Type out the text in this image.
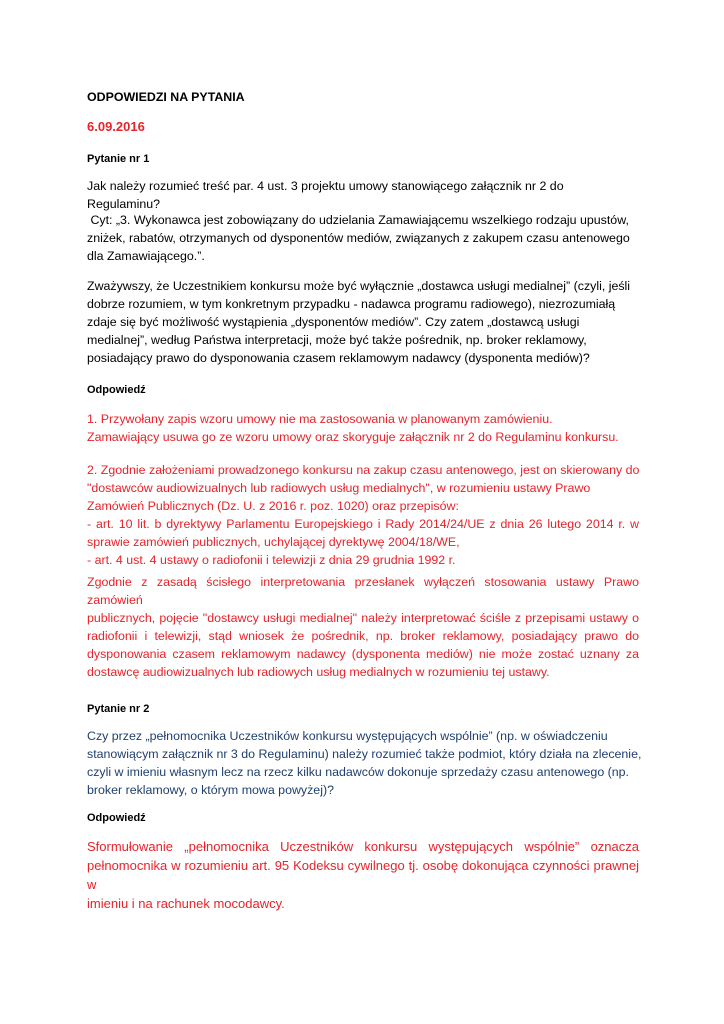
ODPOWIEDZI NA PYTANIA
6.09.2016
Pytanie nr 1
Jak należy rozumieć treść par. 4 ust. 3 projektu umowy stanowiącego załącznik nr 2 do Regulaminu?
Cyt: „3. Wykonawca jest zobowiązany do udzielania Zamawiającemu wszelkiego rodzaju upustów,
zniżek, rabatów, otrzymanych od dysponentów mediów, związanych z zakupem czasu antenowego
dla Zamawiającego.”.
Zważywszy, że Uczestnikiem konkursu może być wyłącznie „dostawca usługi medialnej” (czyli, jeśli
dobrze rozumiem, w tym konkretnym przypadku - nadawca programu radiowego), niezrozumiałą
zdaje się być możliwość wystąpienia „dysponentów mediów”. Czy zatem „dostawcą usługi
medialnej”, według Państwa interpretacji, może być także pośrednik, np. broker reklamowy,
posiadający prawo do dysponowania czasem reklamowym nadawcy (dysponenta mediów)?
Odpowiedź
1. Przywołany zapis wzoru umowy nie ma zastosowania w planowanym zamówieniu.
Zamawiający usuwa go ze wzoru umowy oraz skoryguje załącznik nr 2 do Regulaminu konkursu.
2. Zgodnie założeniami prowadzonego konkursu na zakup czasu antenowego, jest on skierowany do
"dostawców audiowizualnych lub radiowych usług medialnych", w rozumieniu ustawy Prawo
Zamówień Publicznych (Dz. U. z 2016 r. poz. 1020) oraz przepisów:
- art. 10 lit. b dyrektywy Parlamentu Europejskiego i Rady 2014/24/UE z dnia 26 lutego 2014 r. w
sprawie zamówień publicznych, uchylającej dyrektywę 2004/18/WE,
- art. 4 ust. 4 ustawy o radiofonii i telewizji z dnia 29 grudnia 1992 r.
Zgodnie z zasadą ścisłego interpretowania przesłanek wyłączeń stosowania ustawy Prawo zamówień
publicznych, pojęcie "dostawcy usługi medialnej" należy interpretować ściśle z przepisami ustawy o
radiofonii i telewizji, stąd wniosek że pośrednik, np. broker reklamowy, posiadający prawo do
dysponowania czasem reklamowym nadawcy (dysponenta mediów) nie może zostać uznany za
dostawcę audiowizualnych lub radiowych usług medialnych w rozumieniu tej ustawy.
Pytanie nr 2
Czy przez „pełnomocnika Uczestników konkursu występujących wspólnie” (np. w oświadczeniu
stanowiącym załącznik nr 3 do Regulaminu) należy rozumieć także podmiot, który działa na zlecenie,
czyli w imieniu własnym lecz na rzecz kilku nadawców dokonuje sprzedaży czasu antenowego (np.
broker reklamowy, o którym mowa powyżej)?
Odpowiedź
Sformułowanie „pełnomocnika Uczestników konkursu występujących wspólnie” oznacza
pełnomocnika w rozumieniu art. 95 Kodeksu cywilnego tj. osobę dokonująca czynności prawnej w
imieniu i na rachunek mocodawcy.
